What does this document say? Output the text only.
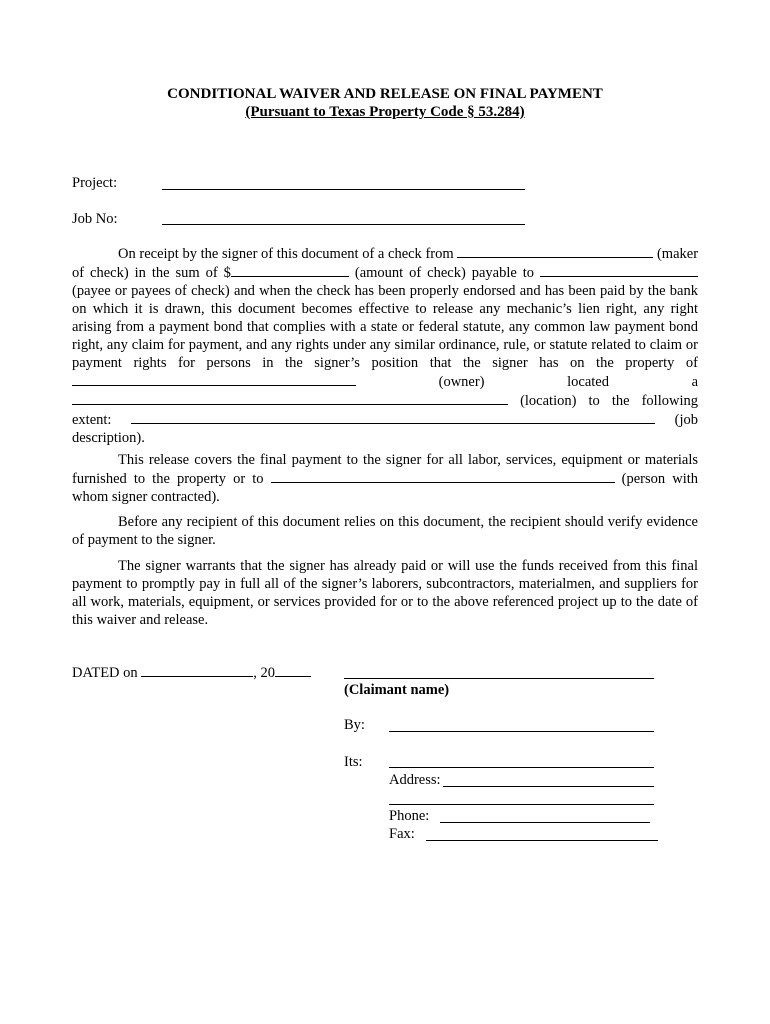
CONDITIONAL WAIVER AND RELEASE ON FINAL PAYMENT
(Pursuant to Texas Property Code § 53.284)
Project:
Job No:
On receipt by the signer of this document of a check from	(maker of check) in the sum of $	(amount of check) payable to  (payee or payees of check) and when the check has been properly endorsed and has been paid by the bank on which it is drawn, this document becomes effective to release any mechanic’s lien right, any right arising from a payment bond that complies with a state or federal statute, any common law payment bond right, any claim for payment, and any rights under any similar ordinance, rule, or statute related to claim or payment rights for persons in the signer’s position that the signer has on the property of  (owner) located a  (location) to the following extent:	(job description).
This release covers the final payment to the signer for all labor, services, equipment or materials furnished to the property or to	(person with whom signer contracted).
Before any recipient of this document relies on this document, the recipient should verify evidence of payment to the signer.
The signer warrants that the signer has already paid or will use the funds received from this final payment to promptly pay in full all of the signer’s laborers, subcontractors, materialmen, and suppliers for all work, materials, equipment, or services provided for or to the above referenced project up to the date of this waiver and release.
DATED on	, 20
(Claimant name)
By:
Its:
Address:
Phone:
Fax:
